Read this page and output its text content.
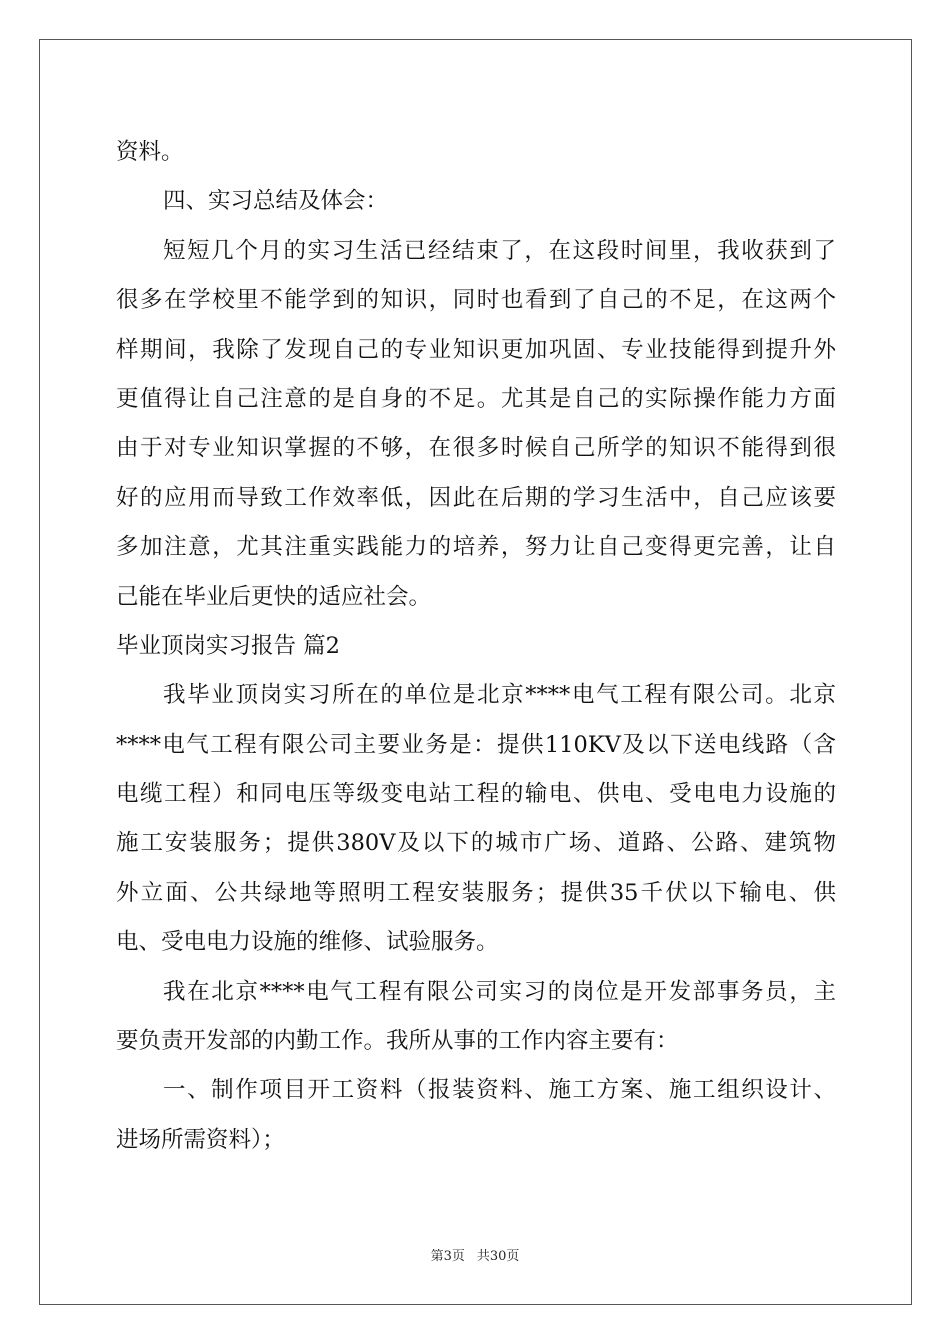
资料。
四、实习总结及体会：
短短几个月的实习生活已经结束了，在这段时间里，我收获到了
很多在学校里不能学到的知识，同时也看到了自己的不足，在这两个
样期间，我除了发现自己的专业知识更加巩固、专业技能得到提升外
更值得让自己注意的是自身的不足。尤其是自己的实际操作能力方面
由于对专业知识掌握的不够，在很多时候自己所学的知识不能得到很
好的应用而导致工作效率低，因此在后期的学习生活中，自己应该要
多加注意，尤其注重实践能力的培养，努力让自己变得更完善，让自
己能在毕业后更快的适应社会。
毕业顶岗实习报告 篇2
我毕业顶岗实习所在的单位是北京****电气工程有限公司。北京
****电气工程有限公司主要业务是：提供110KV及以下送电线路（含
电缆工程）和同电压等级变电站工程的输电、供电、受电电力设施的
施工安装服务；提供380V及以下的城市广场、道路、公路、建筑物
外立面、公共绿地等照明工程安装服务；提供35千伏以下输电、供
电、受电电力设施的维修、试验服务。
我在北京****电气工程有限公司实习的岗位是开发部事务员，主
要负责开发部的内勤工作。我所从事的工作内容主要有：
一、制作项目开工资料（报装资料、施工方案、施工组织设计、
进场所需资料）；
第3页 共30页
